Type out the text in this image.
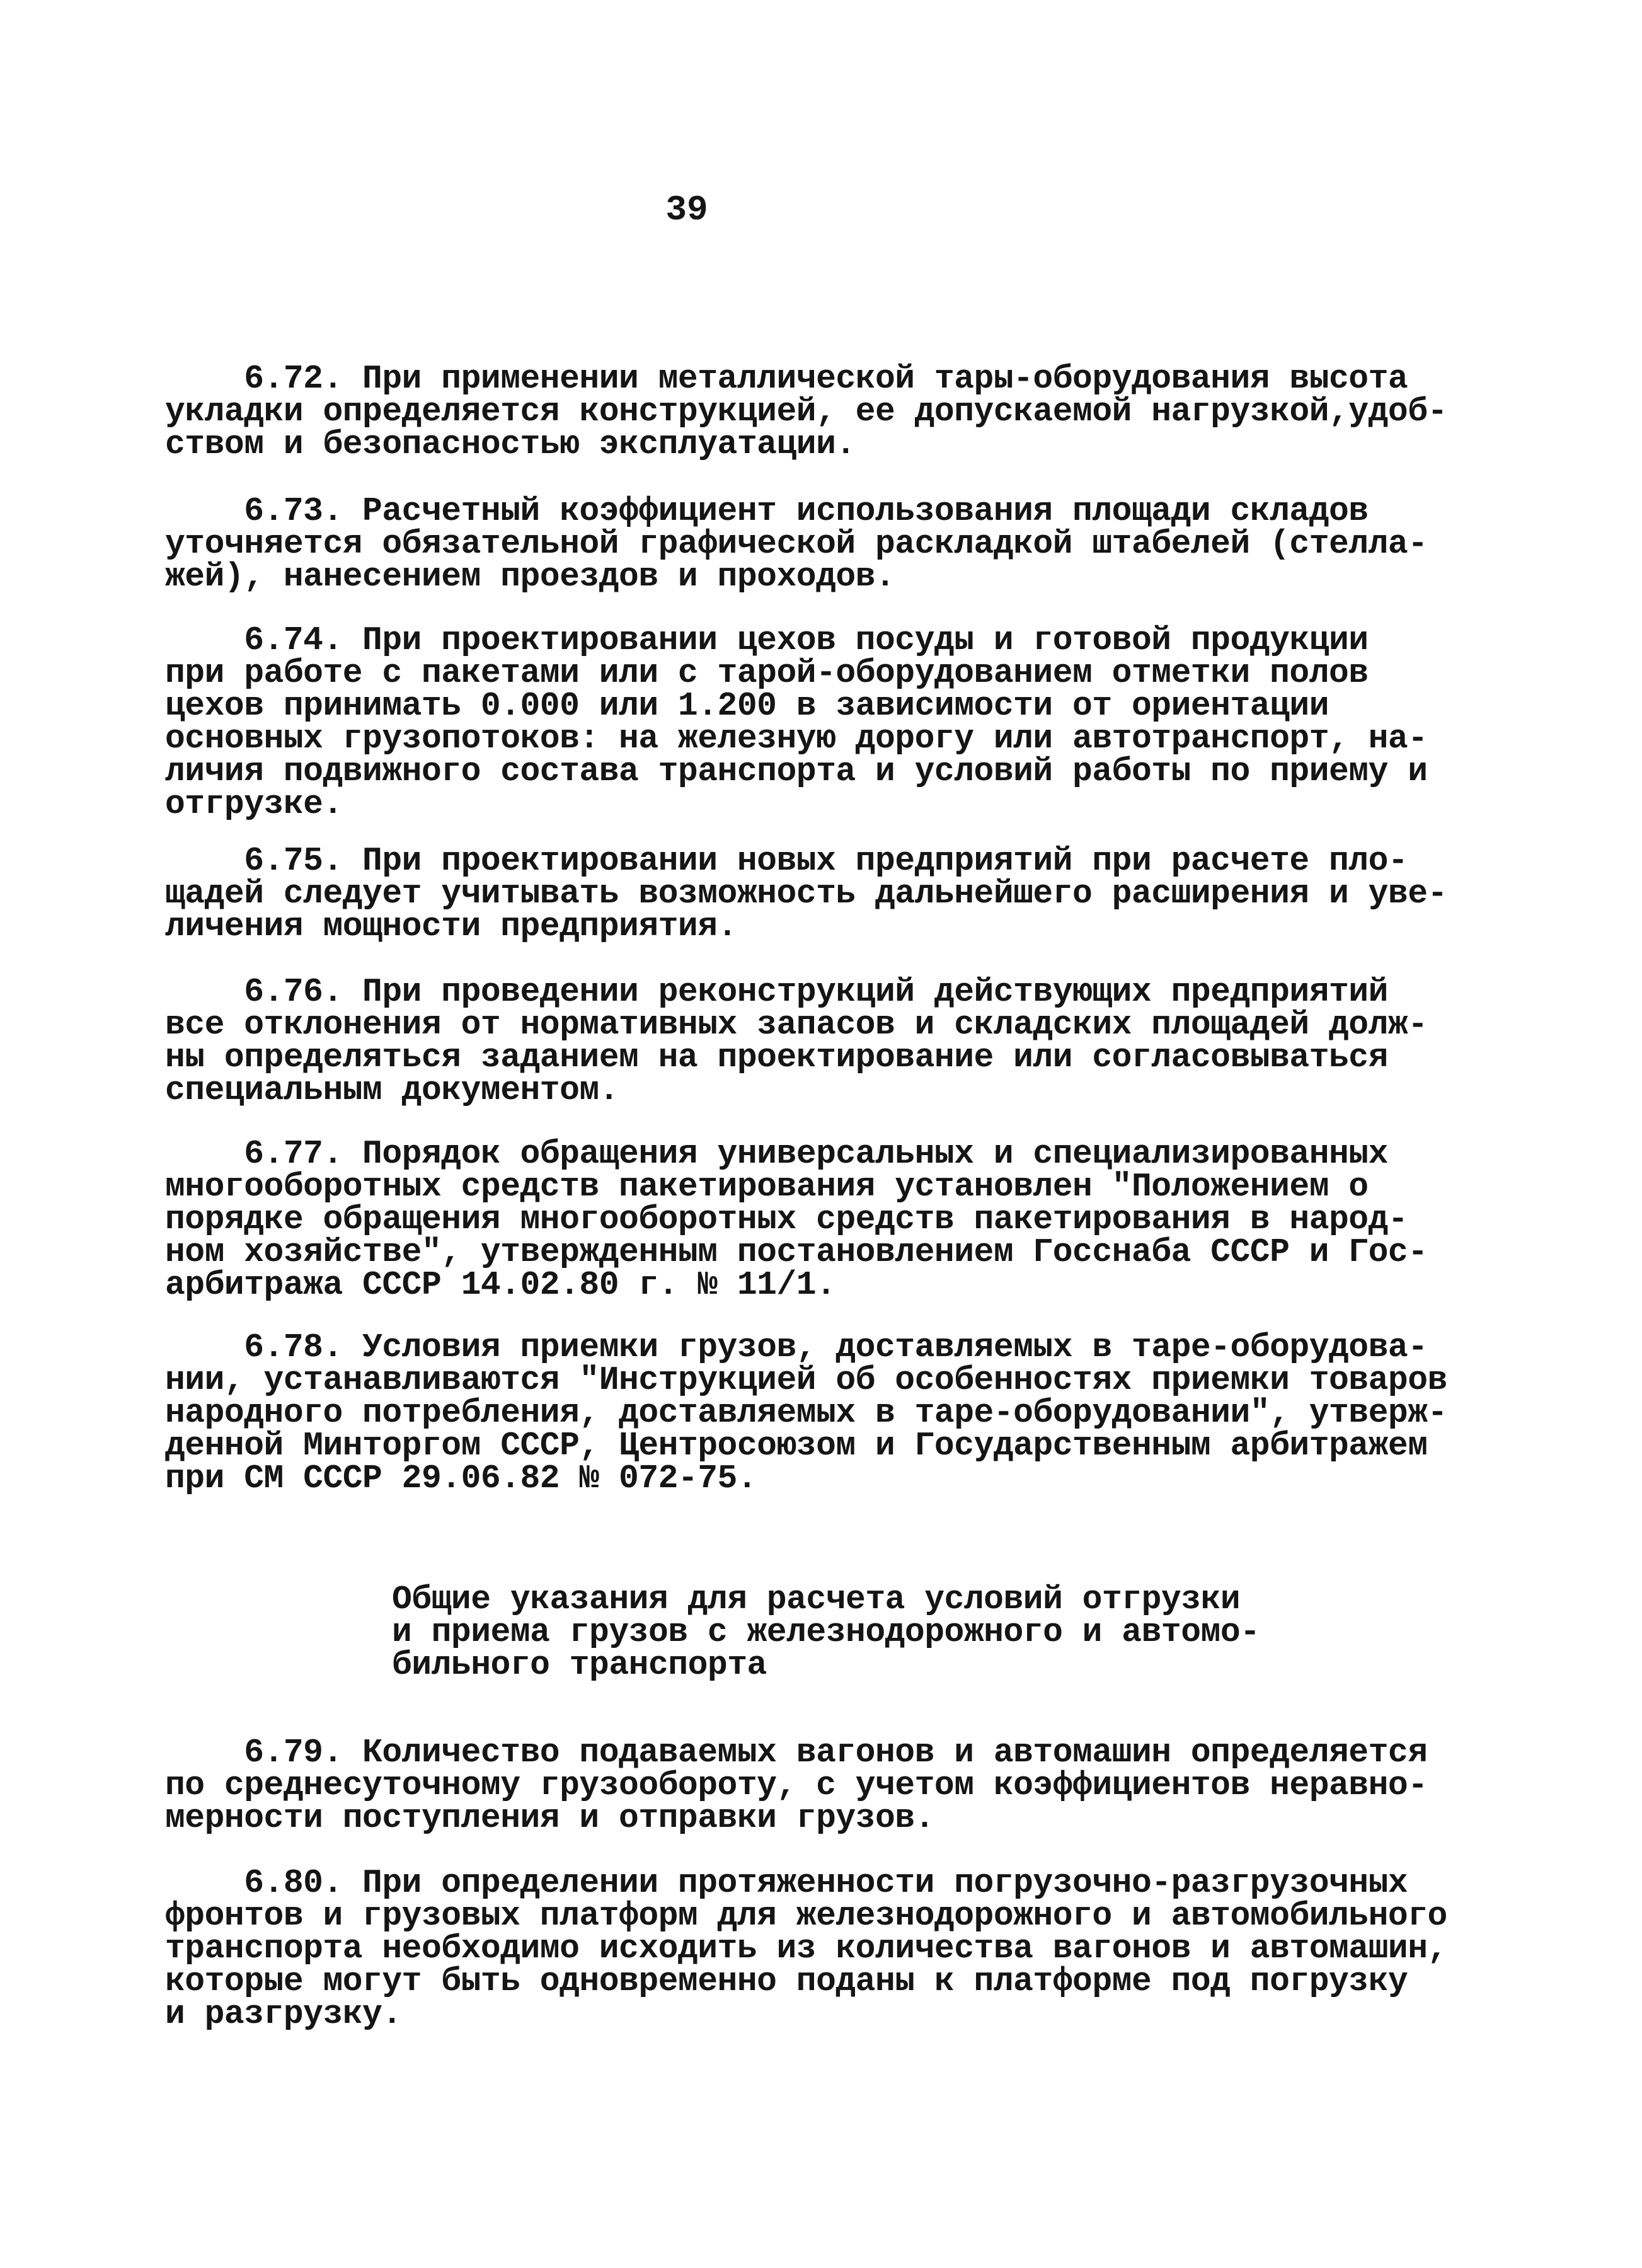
39
6.72. При применении металлической тары-оборудования высота
укладки определяется конструкцией, ее допускаемой нагрузкой,удоб-
ством и безопасностью эксплуатации.
6.73. Расчетный коэффициент использования площади складов
уточняется обязательной графической раскладкой штабелей (стелла-
жей), нанесением проездов и проходов.
6.74. При проектировании цехов посуды и готовой продукции
при работе с пакетами или с тарой-оборудованием отметки полов
цехов принимать 0.000 или 1.200 в зависимости от ориентации
основных грузопотоков: на железную дорогу или автотранспорт, на-
личия подвижного состава транспорта и условий работы по приему и
отгрузке.
6.75. При проектировании новых предприятий при расчете пло-
щадей следует учитывать возможность дальнейшего расширения и уве-
личения мощности предприятия.
6.76. При проведении реконструкций действующих предприятий
все отклонения от нормативных запасов и складских площадей долж-
ны определяться заданием на проектирование или согласовываться
специальным документом.
6.77. Порядок обращения универсальных и специализированных
многооборотных средств пакетирования установлен "Положением о
порядке обращения многооборотных средств пакетирования в народ-
ном хозяйстве", утвержденным постановлением Госснаба СССР и Гос-
арбитража СССР 14.02.80 г. № 11/1.
6.78. Условия приемки грузов, доставляемых в таре-оборудова-
нии, устанавливаются "Инструкцией об особенностях приемки товаров
народного потребления, доставляемых в таре-оборудовании", утверж-
денной Минторгом СССР, Центросоюзом и Государственным арбитражем
при СМ СССР 29.06.82 № 072-75.
Общие указания для расчета условий отгрузки
и приема грузов с железнодорожного и автомо-
бильного транспорта
6.79. Количество подаваемых вагонов и автомашин определяется
по среднесуточному грузообороту, с учетом коэффициентов неравно-
мерности поступления и отправки грузов.
6.80. При определении протяженности погрузочно-разгрузочных
фронтов и грузовых платформ для железнодорожного и автомобильного
транспорта необходимо исходить из количества вагонов и автомашин,
которые могут быть одновременно поданы к платформе под погрузку
и разгрузку.
